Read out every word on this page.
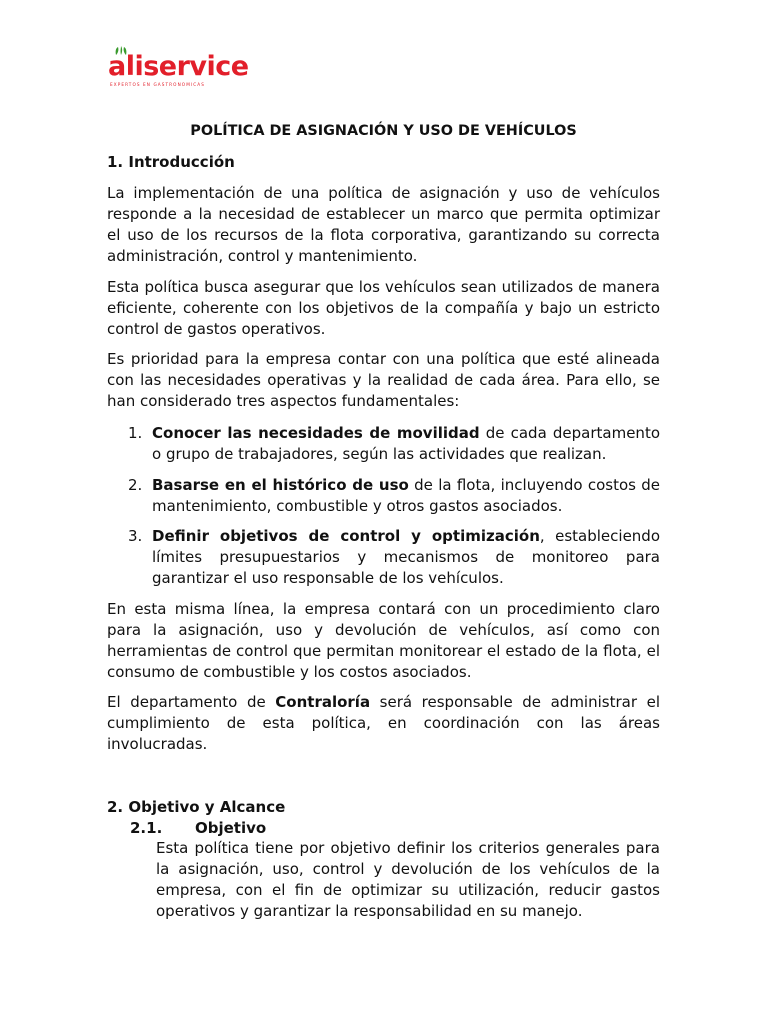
aliservice
EXPERTOS EN GASTRONOMICAS
POLÍTICA DE ASIGNACIÓN Y USO DE VEHÍCULOS
1. Introducción

La implementación de una política de asignación y uso de vehículos responde a la necesidad de establecer un marco que permita optimizar el uso de los recursos de la flota corporativa, garantizando su correcta administración, control y mantenimiento.

Esta política busca asegurar que los vehículos sean utilizados de manera eficiente, coherente con los objetivos de la compañía y bajo un estricto control de gastos operativos.

Es prioridad para la empresa contar con una política que esté alineada con las necesidades operativas y la realidad de cada área. Para ello, se han considerado tres aspectos fundamentales:

1. Conocer las necesidades de movilidad de cada departamento o grupo de trabajadores, según las actividades que realizan.
2. Basarse en el histórico de uso de la flota, incluyendo costos de mantenimiento, combustible y otros gastos asociados.
3. Definir objetivos de control y optimización, estableciendo límites presupuestarios y mecanismos de monitoreo para garantizar el uso responsable de los vehículos.

En esta misma línea, la empresa contará con un procedimiento claro para la asignación, uso y devolución de vehículos, así como con herramientas de control que permitan monitorear el estado de la flota, el consumo de combustible y los costos asociados.

El departamento de Contraloría será responsable de administrar el cumplimiento de esta política, en coordinación con las áreas involucradas.

2. Objetivo y Alcance
2.1. Objetivo

Esta política tiene por objetivo definir los criterios generales para la asignación, uso, control y devolución de los vehículos de la empresa, con el fin de optimizar su utilización, reducir gastos operativos y garantizar la responsabilidad en su manejo.
